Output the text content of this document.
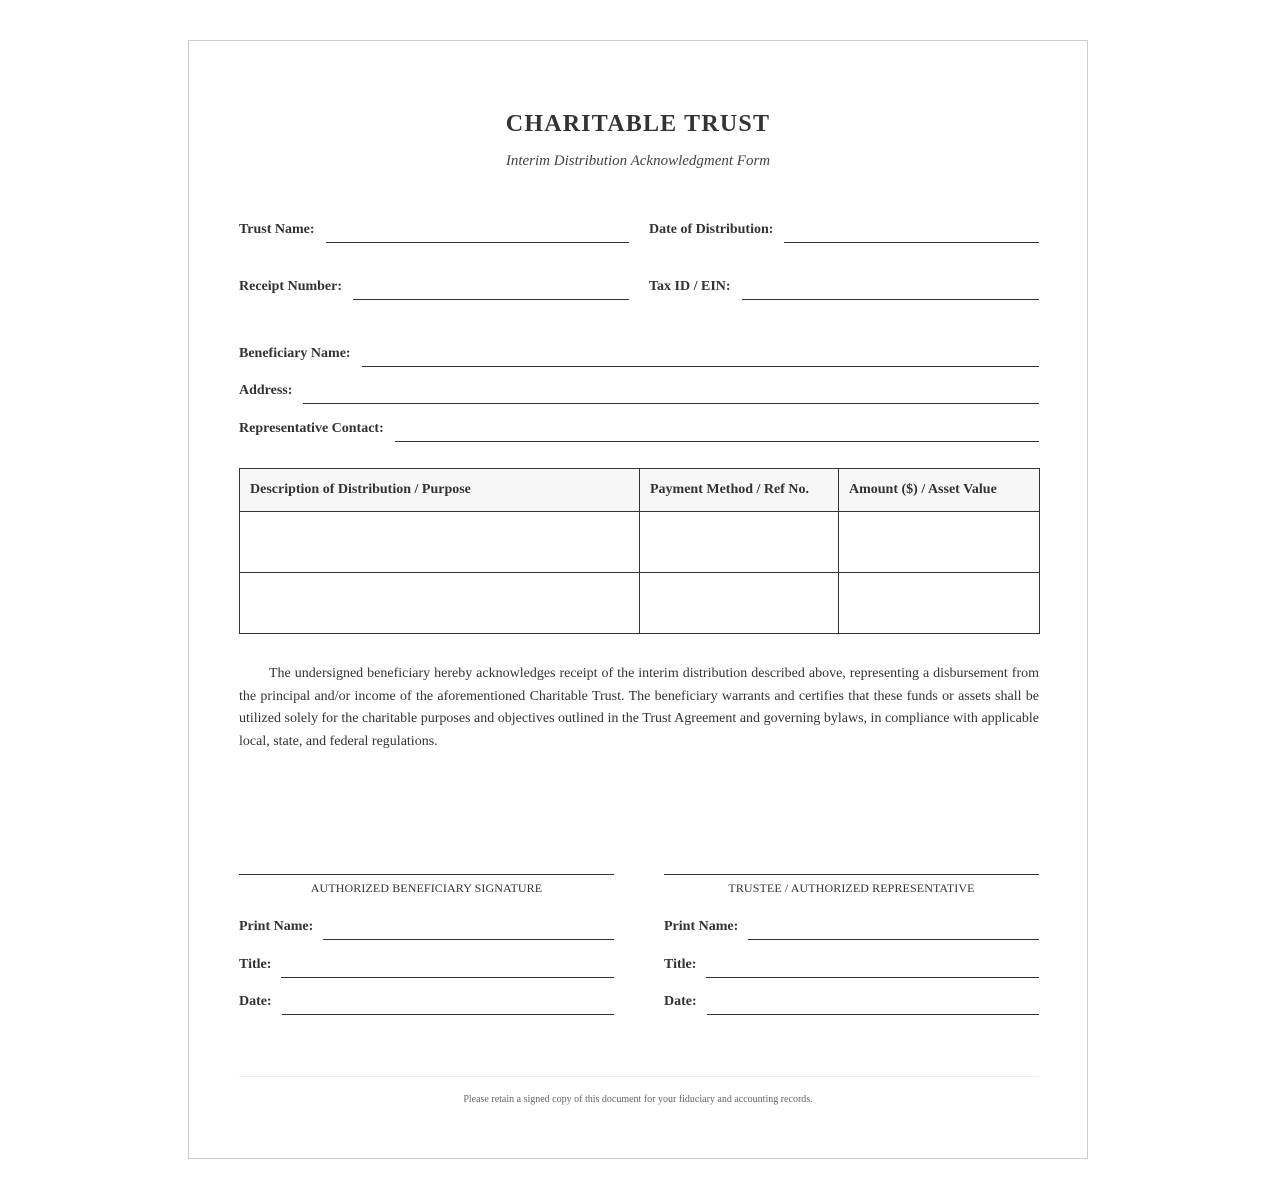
CHARITABLE TRUST
Interim Distribution Acknowledgment Form
Trust Name:	Date of Distribution:
Receipt Number:	Tax ID / EIN:
Beneficiary Name:
Address:
Representative Contact:
Description of Distribution / Purpose	Payment Method / Ref No.	Amount ($) / Asset Value

The undersigned beneficiary hereby acknowledges receipt of the interim distribution described above, representing a disbursement from the principal and/or income of the aforementioned Charitable Trust. The beneficiary warrants and certifies that these funds or assets shall be utilized solely for the charitable purposes and objectives outlined in the Trust Agreement and governing bylaws, in compliance with applicable local, state, and federal regulations.

AUTHORIZED BENEFICIARY SIGNATURE
Print Name:
Title:
Date:
TRUSTEE / AUTHORIZED REPRESENTATIVE
Print Name:
Title:
Date:
Please retain a signed copy of this document for your fiduciary and accounting records.
